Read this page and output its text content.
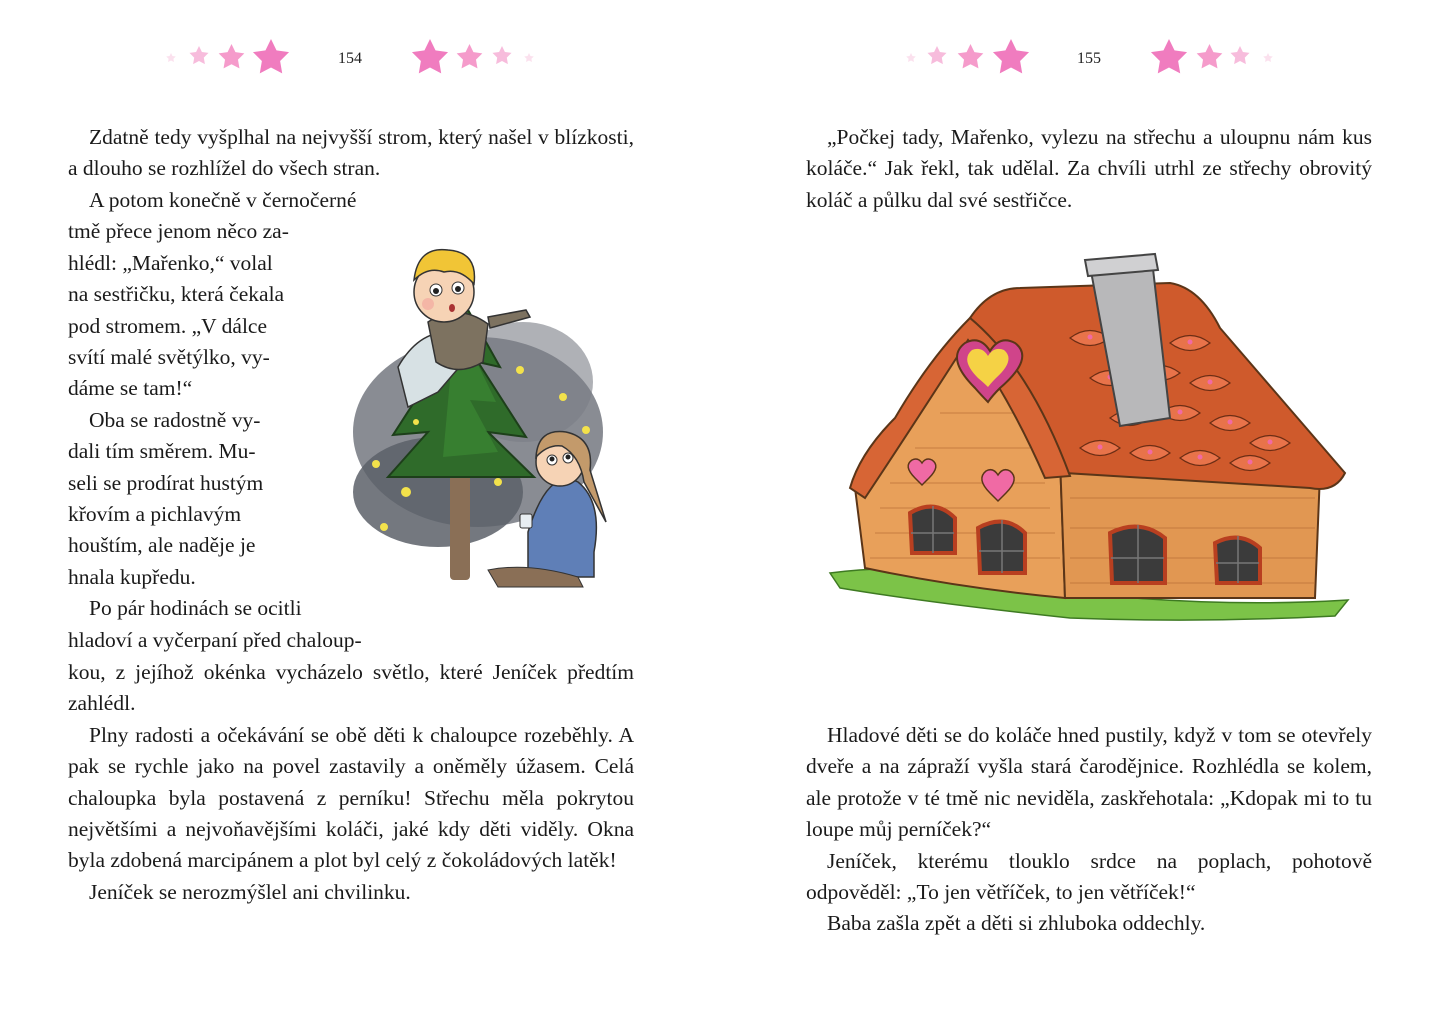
154
Zdatně tedy vyšplhal na nejvyšší strom, který našel v blízkosti, a dlouho se rozhlížel do všech stran.
A potom konečně v černočerné
tmě přece jenom něco za-
hlédl: „Mařenko,“ volal
na sestřičku, která čekala
pod stromem. „V dálce
svítí malé světýlko, vy-
dáme se tam!“
Oba se radostně vy-
dali tím směrem. Mu-
seli se prodírat hustým
křovím a pichlavým
houštím, ale naděje je
hnala kupředu.
Po pár hodinách se ocitli
hladoví a vyčerpaní před chaloup-

kou, z jejíhož okénka vycházelo světlo, které Jeníček předtím zahlédl.

Plny radosti a očekávání se obě děti k chaloupce rozeběhly. A pak se rychle jako na povel zastavily a oněměly úžasem. Celá chaloupka byla postavená z perníku! Střechu měla pokrytou největšími a nejvoňavějšími koláči, jaké kdy děti viděly. Okna byla zdobená marcipánem a plot byl celý z čokoládových latěk!

Jeníček se nerozmýšlel ani chvilinku.

155
„Počkej tady, Mařenko, vylezu na střechu a uloupnu nám kus koláče.“ Jak řekl, tak udělal. Za chvíli utrhl ze střechy obrovitý koláč a půlku dal své sestřičce.

Hladové děti se do koláče hned pustily, když v tom se otevřely dveře a na zápraží vyšla stará čarodějnice. Rozhlédla se kolem, ale protože v té tmě nic neviděla, zaskřehotala: „Kdopak mi to tu loupe můj perníček?“

Jeníček, kterému tlouklo srdce na poplach, pohotově odpověděl: „To jen větříček, to jen větříček!“

Baba zašla zpět a děti si zhluboka oddechly.
